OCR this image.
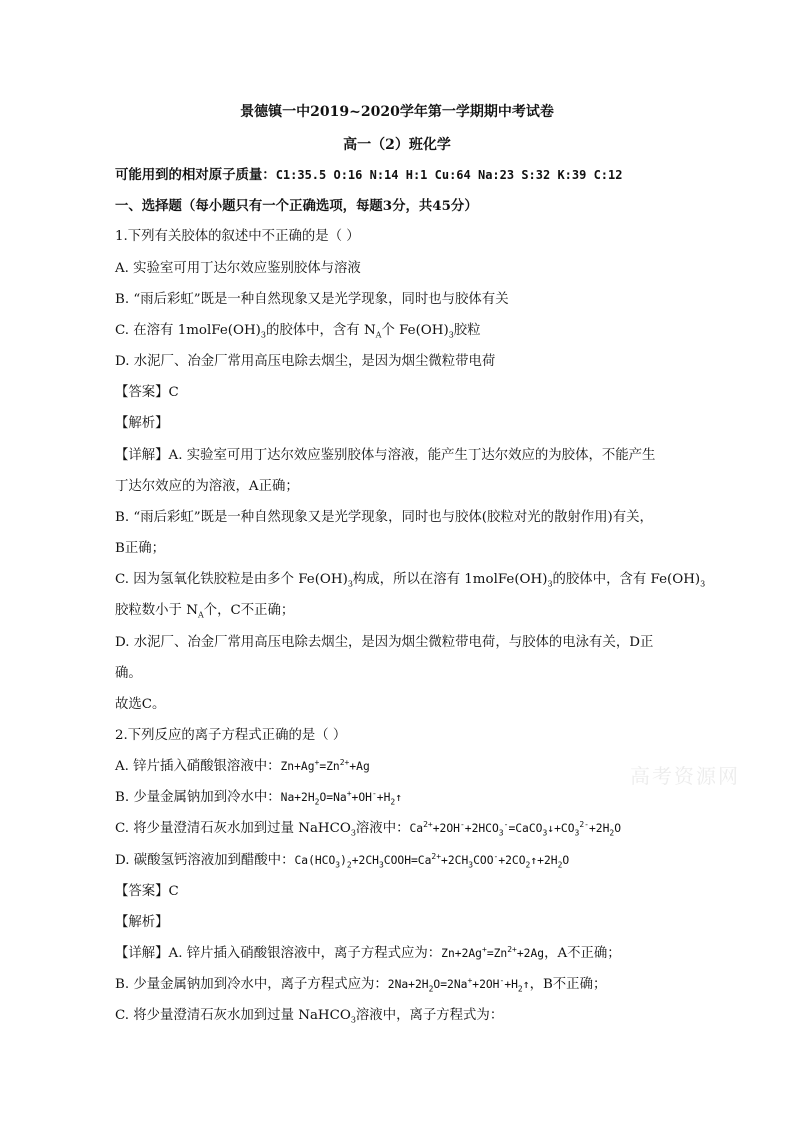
景德镇一中2019~2020学年第一学期期中考试卷
高一（2）班化学
可能用到的相对原子质量：C1:35.5 O:16 N:14 H:1 Cu:64 Na:23 S:32 K:39 C:12
一、选择题（每小题只有一个正确选项，每题3分，共45分）
1.下列有关胶体的叙述中不正确的是（ ）
A. 实验室可用丁达尔效应鉴别胶体与溶液
B. “雨后彩虹”既是一种自然现象又是光学现象，同时也与胶体有关
C. 在溶有 $1molFe(OH)_3$的胶体中，含有 $N_A$个 $Fe(OH)_3$胶粒
D. 水泥厂、冶金厂常用高压电除去烟尘，是因为烟尘微粒带电荷
【答案】C
【解析】
【详解】A. 实验室可用丁达尔效应鉴别胶体与溶液，能产生丁达尔效应的为胶体，不能产生
丁达尔效应的为溶液，A正确；
B. “雨后彩虹”既是一种自然现象又是光学现象，同时也与胶体(胶粒对光的散射作用)有关，
B正确；
C. 因为氢氧化铁胶粒是由多个 $Fe(OH)_3$构成，所以在溶有 $1molFe(OH)_3$的胶体中，含有 $Fe(OH)_3$
胶粒数小于 $N_A$个，C不正确；
D. 水泥厂、冶金厂常用高压电除去烟尘，是因为烟尘微粒带电荷，与胶体的电泳有关，D正
确。
故选C。
2.下列反应的离子方程式正确的是（ ）
A. 锌片插入硝酸银溶液中：$Zn+Ag^+=Zn^{2+}+Ag$
B. 少量金属钠加到冷水中：$Na+2H_2O=Na^++OH^-+H_2↑$
C. 将少量澄清石灰水加到过量 NaHCO$_3$溶液中：$Ca^{2+}+2OH^-+2HCO_3^-=CaCO_3↓+CO_3^{2-}+2H_2O$
D. 碳酸氢钙溶液加到醋酸中：$Ca(HCO_3)_2+2CH_3COOH=Ca^{2+}+2CH_3COO^-+2CO_2↑+2H_2O$
【答案】C
【解析】
【详解】A. 锌片插入硝酸银溶液中，离子方程式应为：$Zn+2Ag^+=Zn^{2+}+2Ag$，A不正确；
B. 少量金属钠加到冷水中，离子方程式应为：$2Na+2H_2O=2Na^++2OH^-+H_2↑$，B不正确；
C. 将少量澄清石灰水加到过量 NaHCO$_3$溶液中，离子方程式为：
高考资源网
